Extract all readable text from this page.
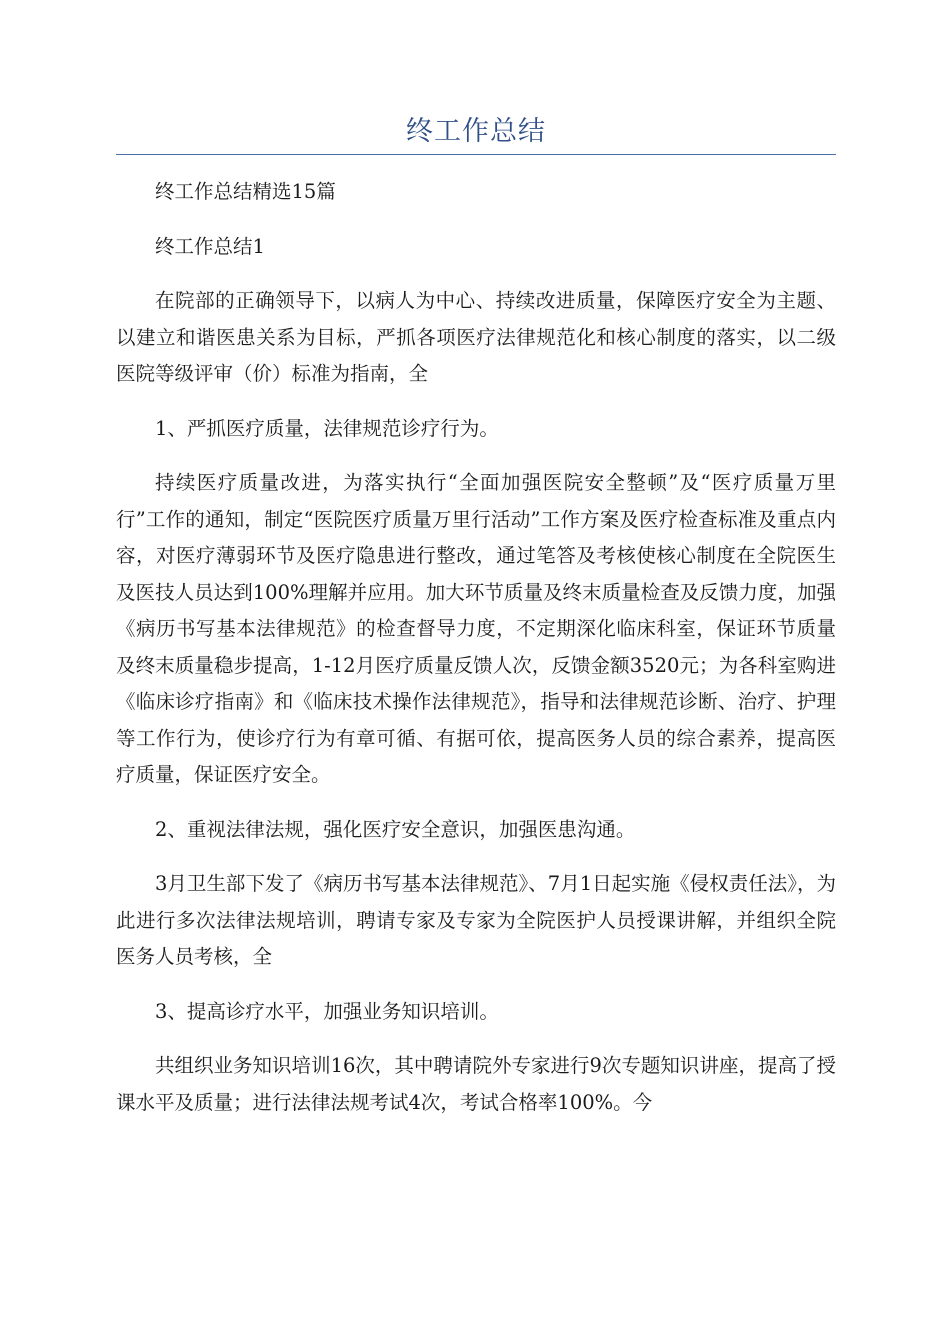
终工作总结

终工作总结精选15篇

终工作总结1

在院部的正确领导下，以病人为中心、持续改进质量，保障医疗安全为主题、以建立和谐医患关系为目标，严抓各项医疗法律规范化和核心制度的落实，以二级医院等级评审（价）标准为指南，全

1、严抓医疗质量，法律规范诊疗行为。

持续医疗质量改进，为落实执行“全面加强医院安全整顿”及“医疗质量万里行”工作的通知，制定“医院医疗质量万里行活动”工作方案及医疗检查标准及重点内容，对医疗薄弱环节及医疗隐患进行整改，通过笔答及考核使核心制度在全院医生及医技人员达到100%理解并应用。加大环节质量及终末质量检查及反馈力度，加强《病历书写基本法律规范》的检查督导力度，不定期深化临床科室，保证环节质量及终末质量稳步提高，1-12月医疗质量反馈人次，反馈金额3520元；为各科室购进《临床诊疗指南》和《临床技术操作法律规范》，指导和法律规范诊断、治疗、护理等工作行为，使诊疗行为有章可循、有据可依，提高医务人员的综合素养，提高医疗质量，保证医疗安全。

2、重视法律法规，强化医疗安全意识，加强医患沟通。

3月卫生部下发了《病历书写基本法律规范》、7月1日起实施《侵权责任法》，为此进行多次法律法规培训，聘请专家及专家为全院医护人员授课讲解，并组织全院医务人员考核，全

3、提高诊疗水平，加强业务知识培训。

共组织业务知识培训16次，其中聘请院外专家进行9次专题知识讲座，提高了授课水平及质量；进行法律法规考试4次，考试合格率100%。今
